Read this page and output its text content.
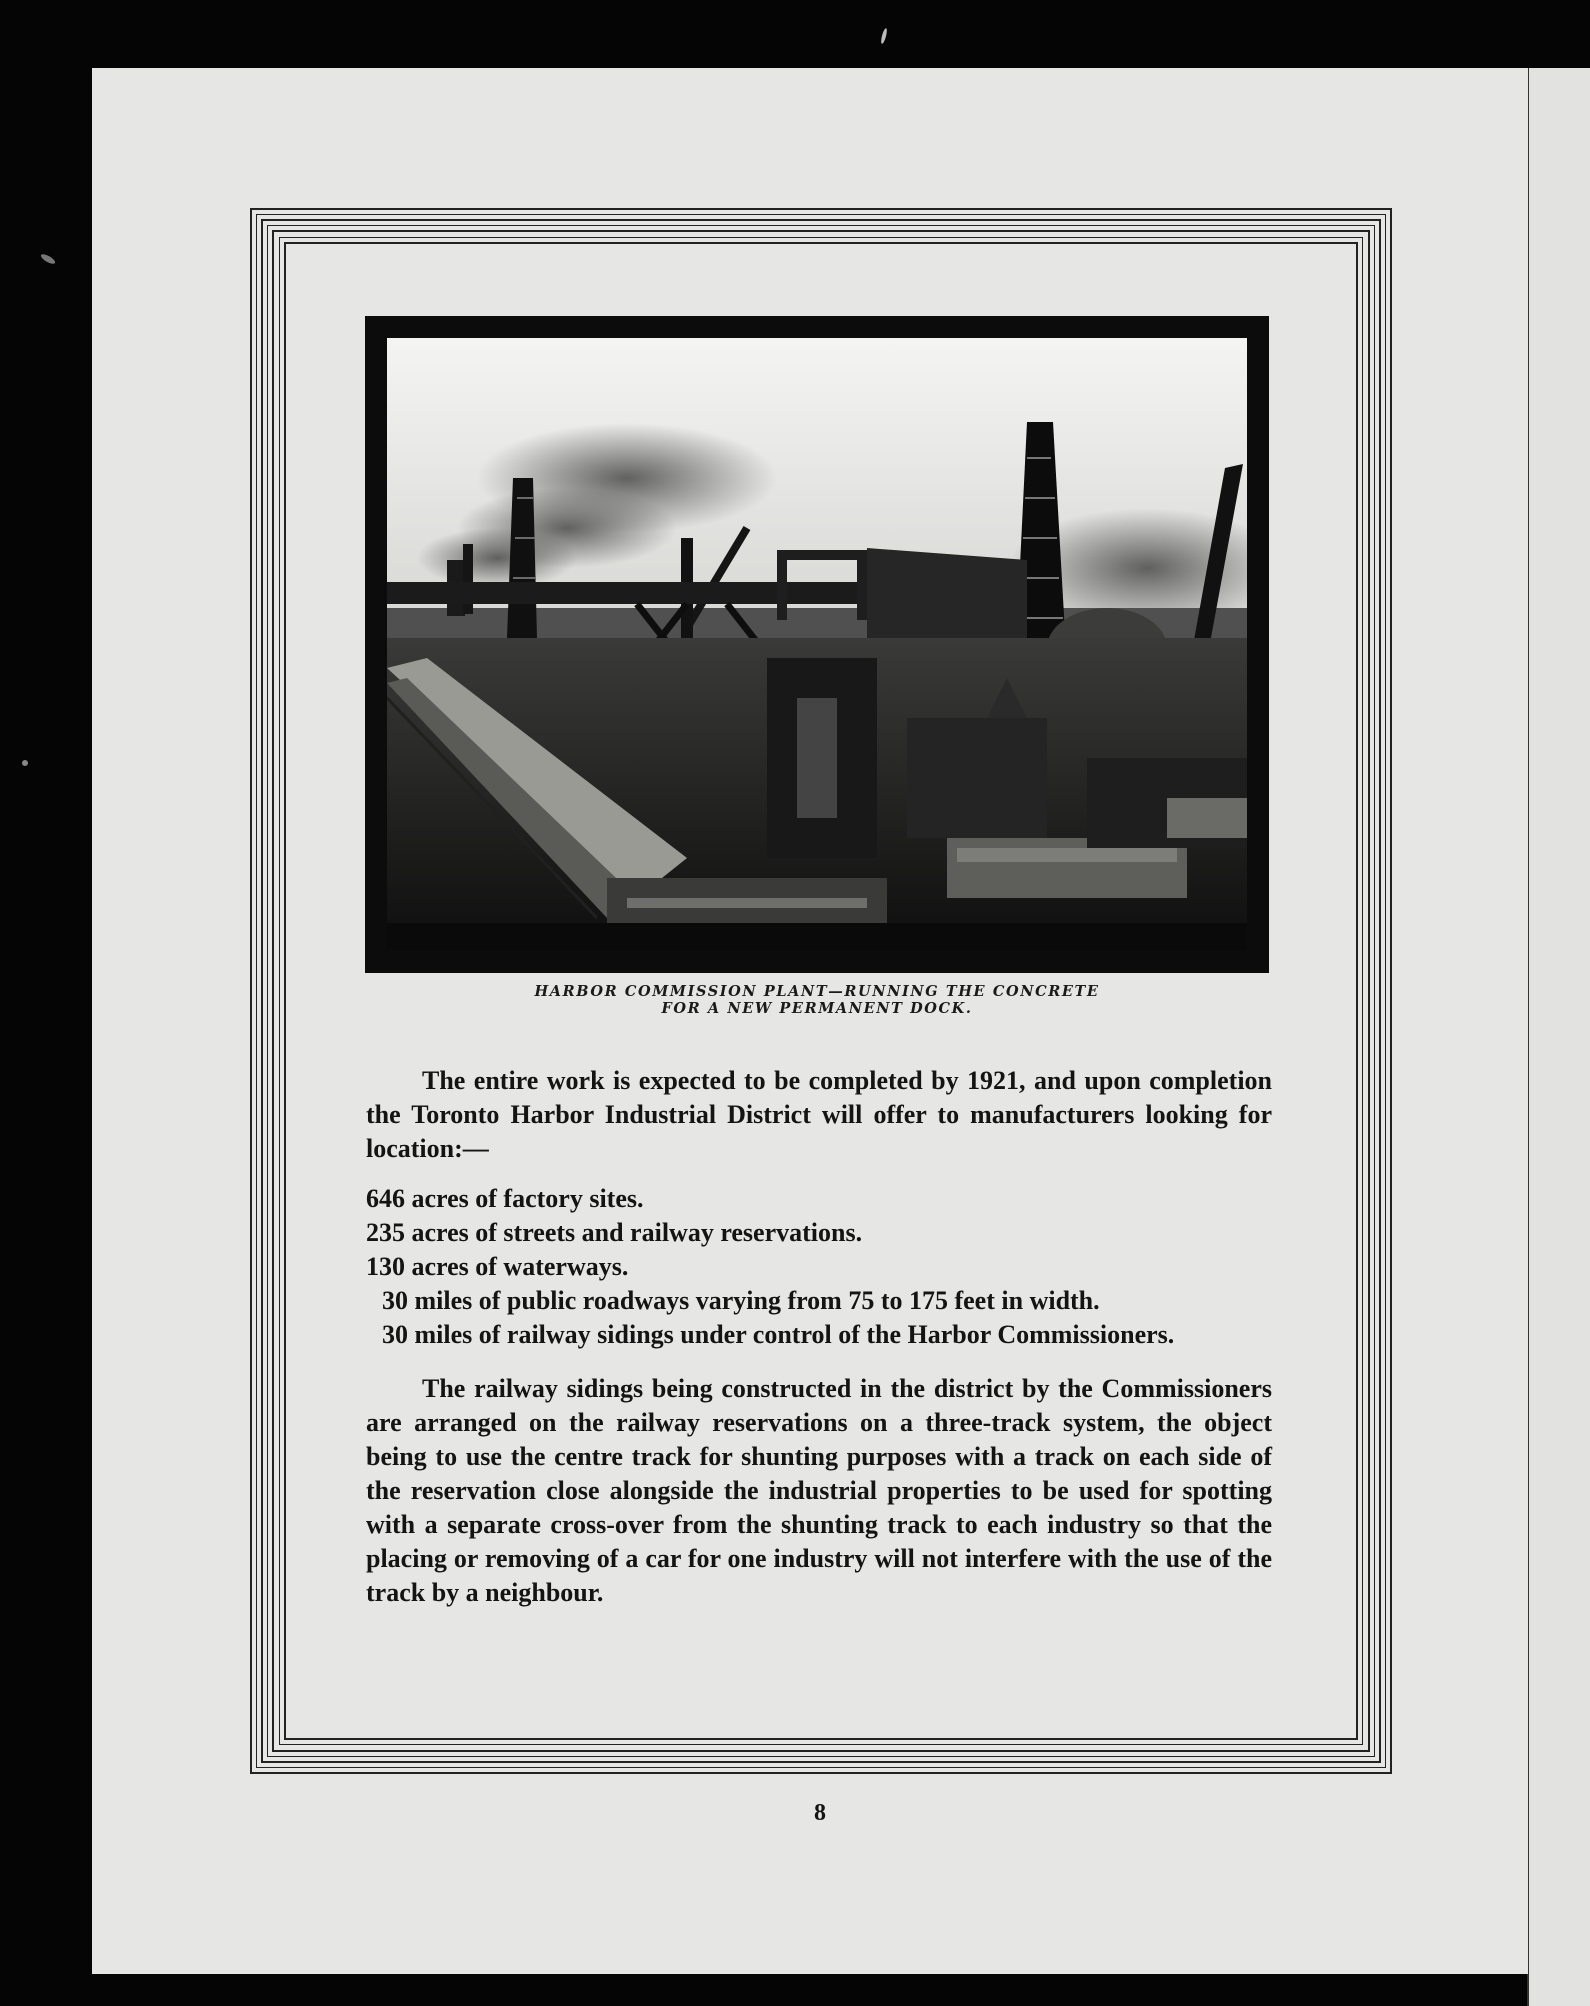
HARBOR COMMISSION PLANT—RUNNING THE CONCRETE
FOR A NEW PERMANENT DOCK.
The entire work is expected to be completed by 1921, and upon completion the Toronto Harbor Industrial District will offer to manufacturers looking for location:—
646 acres of factory sites.
235 acres of streets and railway reservations.
130 acres of waterways.
30 miles of public roadways varying from 75 to 175 feet in width.
30 miles of railway sidings under control of the Harbor Commissioners.
The railway sidings being constructed in the district by the Commissioners are arranged on the railway reservations on a three-track system, the object being to use the centre track for shunting purposes with a track on each side of the reservation close alongside the industrial properties to be used for spotting with a separate cross-over from the shunting track to each industry so that the placing or removing of a car for one industry will not interfere with the use of the track by a neighbour.
8
